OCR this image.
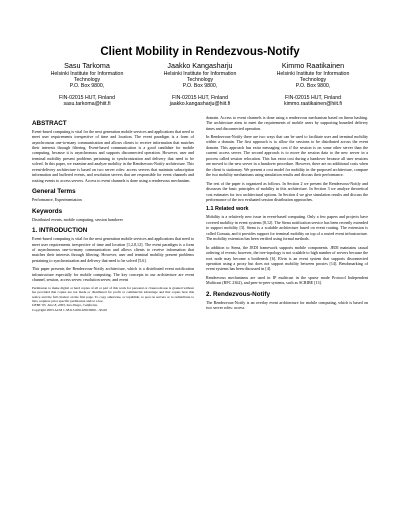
Client Mobility in Rendezvous-Notify
Sasu Tarkoma
Helsinki Institute for Information
Technology
P.O. Box 9800,
FIN-02015 HUT, Finland
sasu.tarkoma@hiit.fi
Jaakko Kangasharju
Helsinki Institute for Information
Technology
P.O. Box 9800,
FIN-02015 HUT, Finland
jaakko.kangasharju@hiit.fi
Kimmo Raatikainen
Helsinki Institute for Information
Technology
P.O. Box 9800,
FIN-02015 HUT, Finland
kimmo.raatikainen@hiit.fi
ABSTRACT

Event-based computing is vital for the next generation mobile services and applications that need to meet user requirements irrespective of time and location. The event paradigm is a form of asynchronous one-to-many communication and allows clients to receive information that matches their interests through filtering. Event-based communication is a good candidate for mobile computing, because it is asynchronous and supports disconnected operation. However, user and terminal mobility present problems pertaining to synchronization and delivery that need to be solved. In this paper, we examine and analyze mobility in the Rendezvous-Notify architecture. This event-delivery architecture is based on two server roles: access servers that maintain subscription information and buffered events, and resolution servers that are responsible for event channels and routing events to access servers. Access to event channels is done using a rendezvous mechanism.

General Terms

Performance, Experimentation

Keywords

Distributed events, mobile computing, session handover

1. INTRODUCTION

Event-based computing is vital for the next generation mobile services and applications that need to meet user requirements irrespective of time and location [1,2,8,12]. The event paradigm is a form of asynchronous one-to-many communication and allows clients to receive information that matches their interests through filtering. However, user and terminal mobility present problems pertaining to synchronization and delivery that need to be solved [5,6].

This paper presents the Rendezvous-Notify architecture, which is a distributed event notification infrastructure especially for mobile computing. The key concepts in our architecture are event channel, session, access server, resolution server, and event

Permission to make digital or hard copies of all or part of this work for personal or classroom use is granted without fee provided that copies are not made or distributed for profit or commercial advantage and that copies bear this notice and the full citation on the first page. To copy otherwise, or republish, to post on servers or to redistribute to lists, requires prior specific permission and/or a fee.
DEBS '03, June 8, 2003, San Diego, California.
Copyright 2003 ACM 1-58113-000-0/00/0000…$5.00

domain. Access to event channels is done using a rendezvous mechanism based on linear hashing. The architecture aims to meet the requirements of mobile users by supporting bounded delivery times and disconnected operation.

In Rendezvous-Notify there are two ways that can be used to facilitate user and terminal mobility within a domain. The first approach is to allow the sessions to be distributed across the event domain. This approach has extra messaging cost if the session is on some other server than the current access server. The second approach is to move the session data to the new server in a process called session relocation. This has extra cost during a handover because all user sessions are moved to the new server in a handover procedure. However, there are no additional costs when the client is stationary. We present a cost model for mobility in the proposed architecture, compare the two mobility mechanisms using simulation results and discuss their performance.

The rest of the paper is organized as follows. In Section 2 we present the Rendezvous-Notify and discusses the basic principles of mobility in this architecture. In Section 3 we analyze theoretical cost estimates for two architectural options. In Section 4 we give simulation results and discuss the performance of the two evaluated session distribution approaches.

1.1 Related work

Mobility is a relatively new issue in event-based computing. Only a few papers and projects have covered mobility in event systems [8,12]. The Siena notification service has been recently extended to support mobility [3]. Siena is a scalable architecture based on event routing. The extension is called Comuta, and it provides support for terminal mobility on top of a routed event infrastructure. The mobility extension has been verified using formal methods.

In addition to Siena, the JEDI framework supports mobile components. JEDI maintains causal ordering of events; however, the tree-topology is not scalable to high number of servers because the root node may become a bottleneck [6]. Elvin is an event system that supports disconnected operation using a proxy but does not support mobility between proxies [14]. Benchmarking of event systems has been discussed in [4].

Rendezvous mechanisms are used in IP multicast in the sparse mode Protocol Independent Multicast (RFC 2362), and peer-to-peer systems, such as SCRIBE [13].

2. Rendezvous-Notify

The Rendezvous-Notify is an overlay event architecture for mobile computing, which is based on two server roles: access
